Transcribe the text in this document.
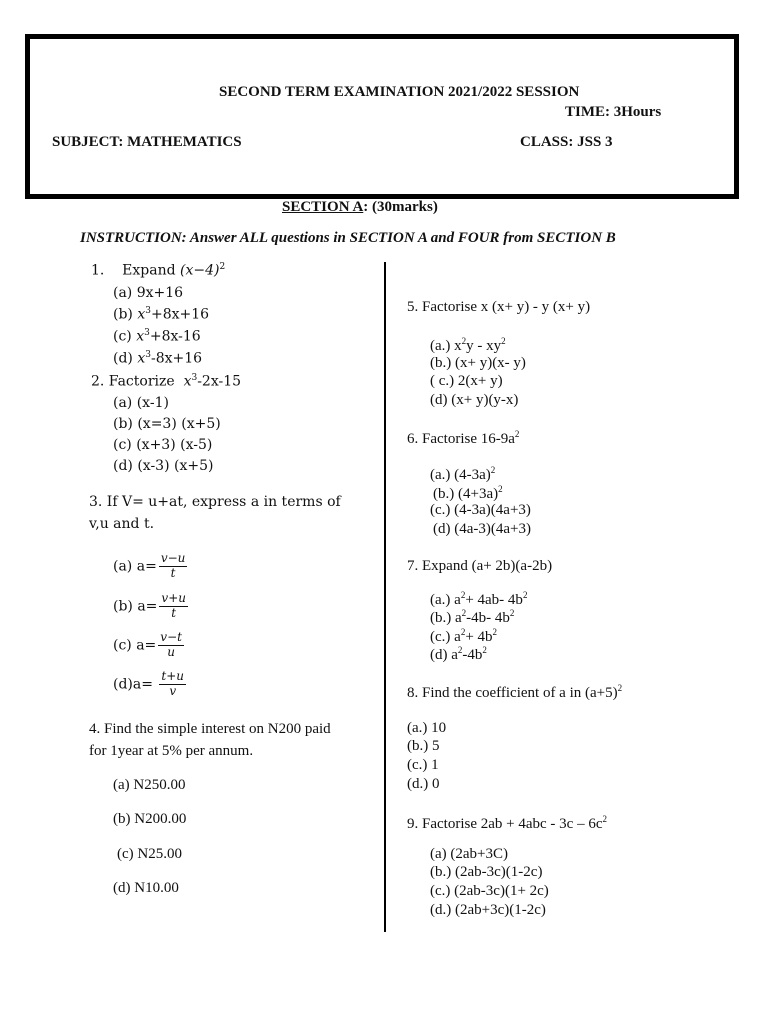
SECOND TERM EXAMINATION 2021/2022 SESSION
TIME: 3Hours
SUBJECT: MATHEMATICS	CLASS: JSS 3
SECTION A: (30marks)
INSTRUCTION: Answer ALL questions in SECTION A and FOUR from SECTION B
1. Expand $(x-4)^2$
(a) 9x+16
(b) $x^3+8x+16$
(c) $x^3+8x-16$
(d) $x^3-8x+16$
2. Factorize $x^3-2x-15$
(a) (x-1)
(b) (x=3) (x+5)
(c) (x+3) (x-5)
(d) (x-3) (x+5)
3. If V= u+at, express a in terms of
v,u and t.
(a) $a= \frac{v-u}{t}$
(b) $a= \frac{v+u}{t}$
(c) $a= \frac{v-t}{u}$
$(d)a= \frac{t+u}{v}$
4. Find the simple interest on N200 paid
for 1year at 5% per annum.
(a) N250.00
(b) N200.00
(c) N25.00
(d) N10.00
5. Factorise x (x+ y) - y (x+ y)
(a.) $x^2y - xy^2$
(b.) (x+ y)(x- y)
( c.) 2(x+ y)
(d) (x+ y)(y-x)
6. Factorise $16-9a^2$
(a.) $(4-3a)^2$
(b.) $(4+3a)^2$
(c.) (4-3a)(4a+3)
(d) (4a-3)(4a+3)
7. Expand (a+ 2b)(a-2b)
(a.) $a^2+ 4ab-$ $4b^2$
(b.) $a^2-4b-$ $4b^2$
(c.) $a^2+ 4b^2$
(d) $a^2-4b^2$
8. Find the coefficient of a in $(a+5)^2$
(a.) 10
(b.) 5
(c.) 1
(d.) 0
9. Factorise $2ab + 4abc - 3c - 6c^2$
(a) (2ab+3C)
(b.) (2ab-3c)(1-2c)
(c.) (2ab-3c)(1+ 2c)
(d.) (2ab+3c)(1-2c)
